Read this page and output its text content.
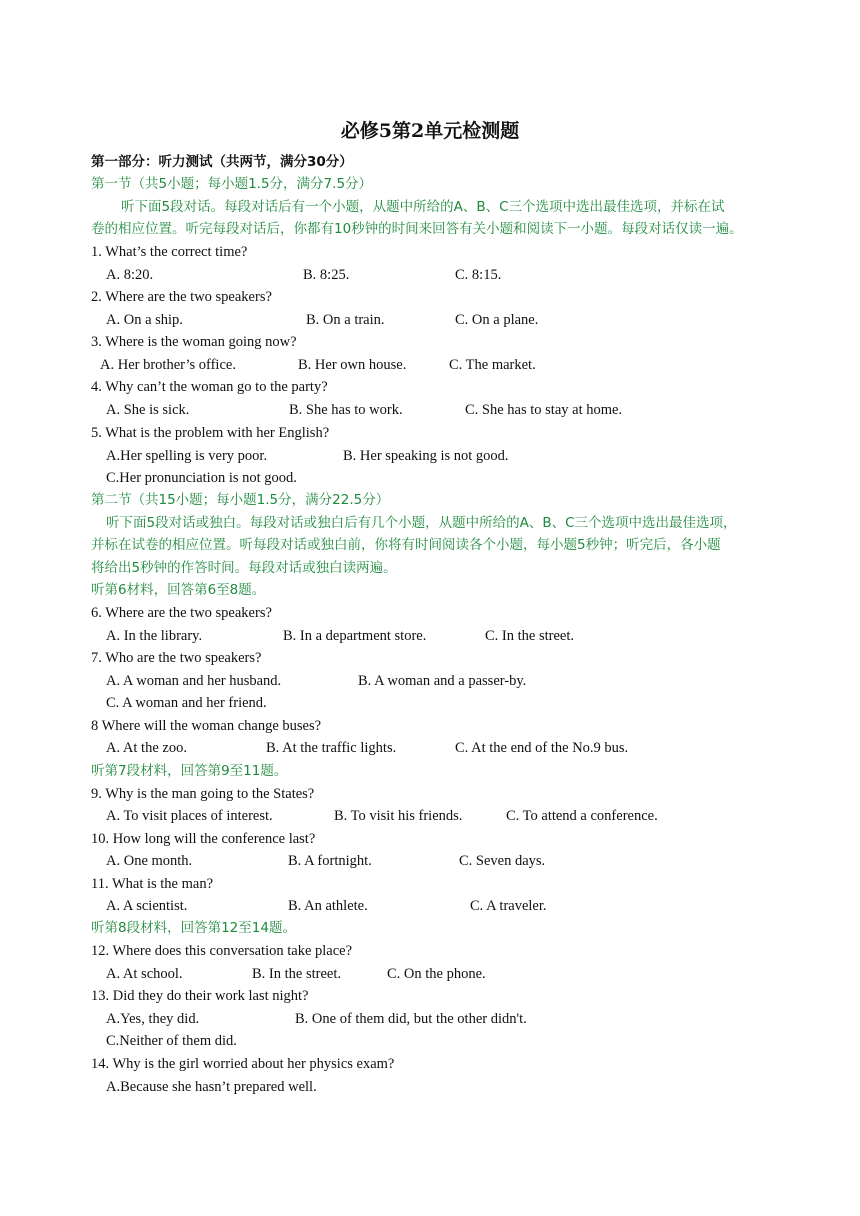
必修5第2单元检测题
第一部分：听力测试（共两节，满分30分）
第一节（共5小题；每小题1.5分，满分7.5分）
听下面5段对话。每段对话后有一个小题，从题中所给的A、B、C三个选项中选出最佳选项，并标在试
卷的相应位置。听完每段对话后，你都有10秒钟的时间来回答有关小题和阅读下一小题。每段对话仅读一遍。
1. What’s the correct time?
A. 8:20.	B. 8:25.	C. 8:15.
2. Where are the two speakers?
A. On a ship.	B. On a train.	C. On a plane.
3. Where is the woman going now?
A. Her brother’s office.	B. Her own house.	C. The market.
4. Why can’t the woman go to the party?
A. She is sick.	B. She has to work.	C. She has to stay at home.
5. What is the problem with her English?
A.Her spelling is very poor.	B. Her speaking is not good.
C.Her pronunciation is not good.
第二节（共15小题；每小题1.5分，满分22.5分）
听下面5段对话或独白。每段对话或独白后有几个小题，从题中所给的A、B、C三个选项中选出最佳选项，
并标在试卷的相应位置。听每段对话或独白前，你将有时间阅读各个小题，每小题5秒钟；听完后，各小题
将给出5秒钟的作答时间。每段对话或独白读两遍。
听第6材料，回答第6至8题。
6. Where are the two speakers?
A. In the library.	B. In a department store.	C. In the street.
7. Who are the two speakers?
A. A woman and her husband.	B. A woman and a passer-by.
C. A woman and her friend.
8 Where will the woman change buses?
A. At the zoo.	B. At the traffic lights.	C. At the end of the No.9 bus.
听第7段材料，回答第9至11题。
9. Why is the man going to the States?
A. To visit places of interest.	B. To visit his friends.	C. To attend a conference.
10. How long will the conference last?
A. One month.	B. A fortnight.	C. Seven days.
11. What is the man?
A. A scientist.	B. An athlete.	C. A traveler.
听第8段材料，回答第12至14题。
12. Where does this conversation take place?
A. At school.	B. In the street.	C. On the phone.
13. Did they do their work last night?
A.Yes, they did.	B. One of them did, but the other didn't.
C.Neither of them did.
14. Why is the girl worried about her physics exam?
A.Because she hasn’t prepared well.
